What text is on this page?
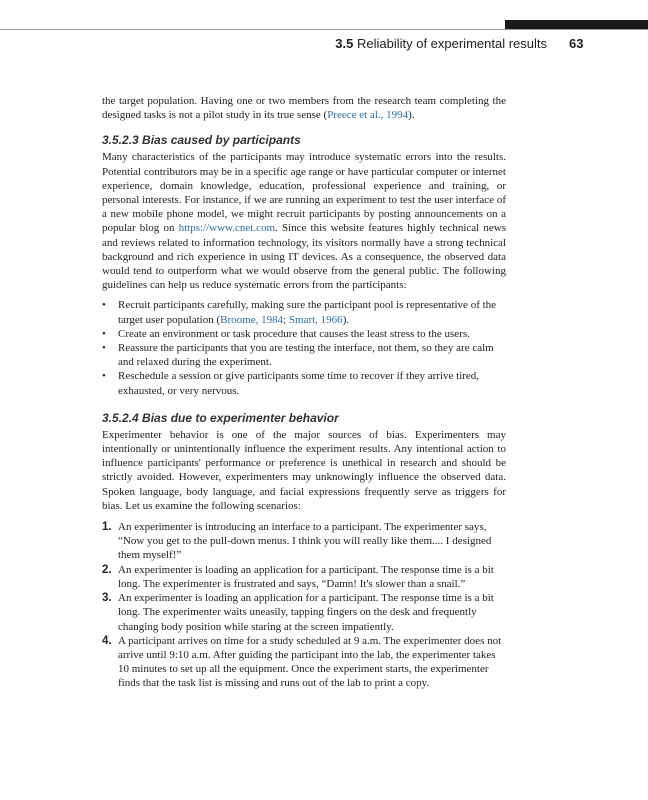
3.5 Reliability of experimental results 63

the target population. Having one or two members from the research team completing the designed tasks is not a pilot study in its true sense (Preece et al., 1994).

3.5.2.3 Bias caused by participants

Many characteristics of the participants may introduce systematic errors into the results. Potential contributors may be in a specific age range or have particular computer or internet experience, domain knowledge, education, professional experience and training, or personal interests. For instance, if we are running an experiment to test the user interface of a new mobile phone model, we might recruit participants by posting announcements on a popular blog on https://www.cnet.com. Since this website features highly technical news and reviews related to information technology, its visitors normally have a strong technical background and rich experience in using IT devices. As a consequence, the observed data would tend to outperform what we would observe from the general public. The following guidelines can help us reduce systematic errors from the participants:

• Recruit participants carefully, making sure the participant pool is representative of the target user population (Broome, 1984; Smart, 1966).
• Create an environment or task procedure that causes the least stress to the users.
• Reassure the participants that you are testing the interface, not them, so they are calm and relaxed during the experiment.
• Reschedule a session or give participants some time to recover if they arrive tired, exhausted, or very nervous.
3.5.2.4 Bias due to experimenter behavior

Experimenter behavior is one of the major sources of bias. Experimenters may intentionally or unintentionally influence the experiment results. Any intentional action to influence participants' performance or preference is unethical in research and should be strictly avoided. However, experimenters may unknowingly influence the observed data. Spoken language, body language, and facial expressions frequently serve as triggers for bias. Let us examine the following scenarios:

1. An experimenter is introducing an interface to a participant. The experimenter says, “Now you get to the pull-down menus. I think you will really like them.... I designed them myself!”
2. An experimenter is loading an application for a participant. The response time is a bit long. The experimenter is frustrated and says, “Damn! It's slower than a snail.”
3. An experimenter is loading an application for a participant. The response time is a bit long. The experimenter waits uneasily, tapping fingers on the desk and frequently changing body position while staring at the screen impatiently.
4. A participant arrives on time for a study scheduled at 9 a.m. The experimenter does not arrive until 9:10 a.m. After guiding the participant into the lab, the experimenter takes 10 minutes to set up all the equipment. Once the experiment starts, the experimenter finds that the task list is missing and runs out of the lab to print a copy.
